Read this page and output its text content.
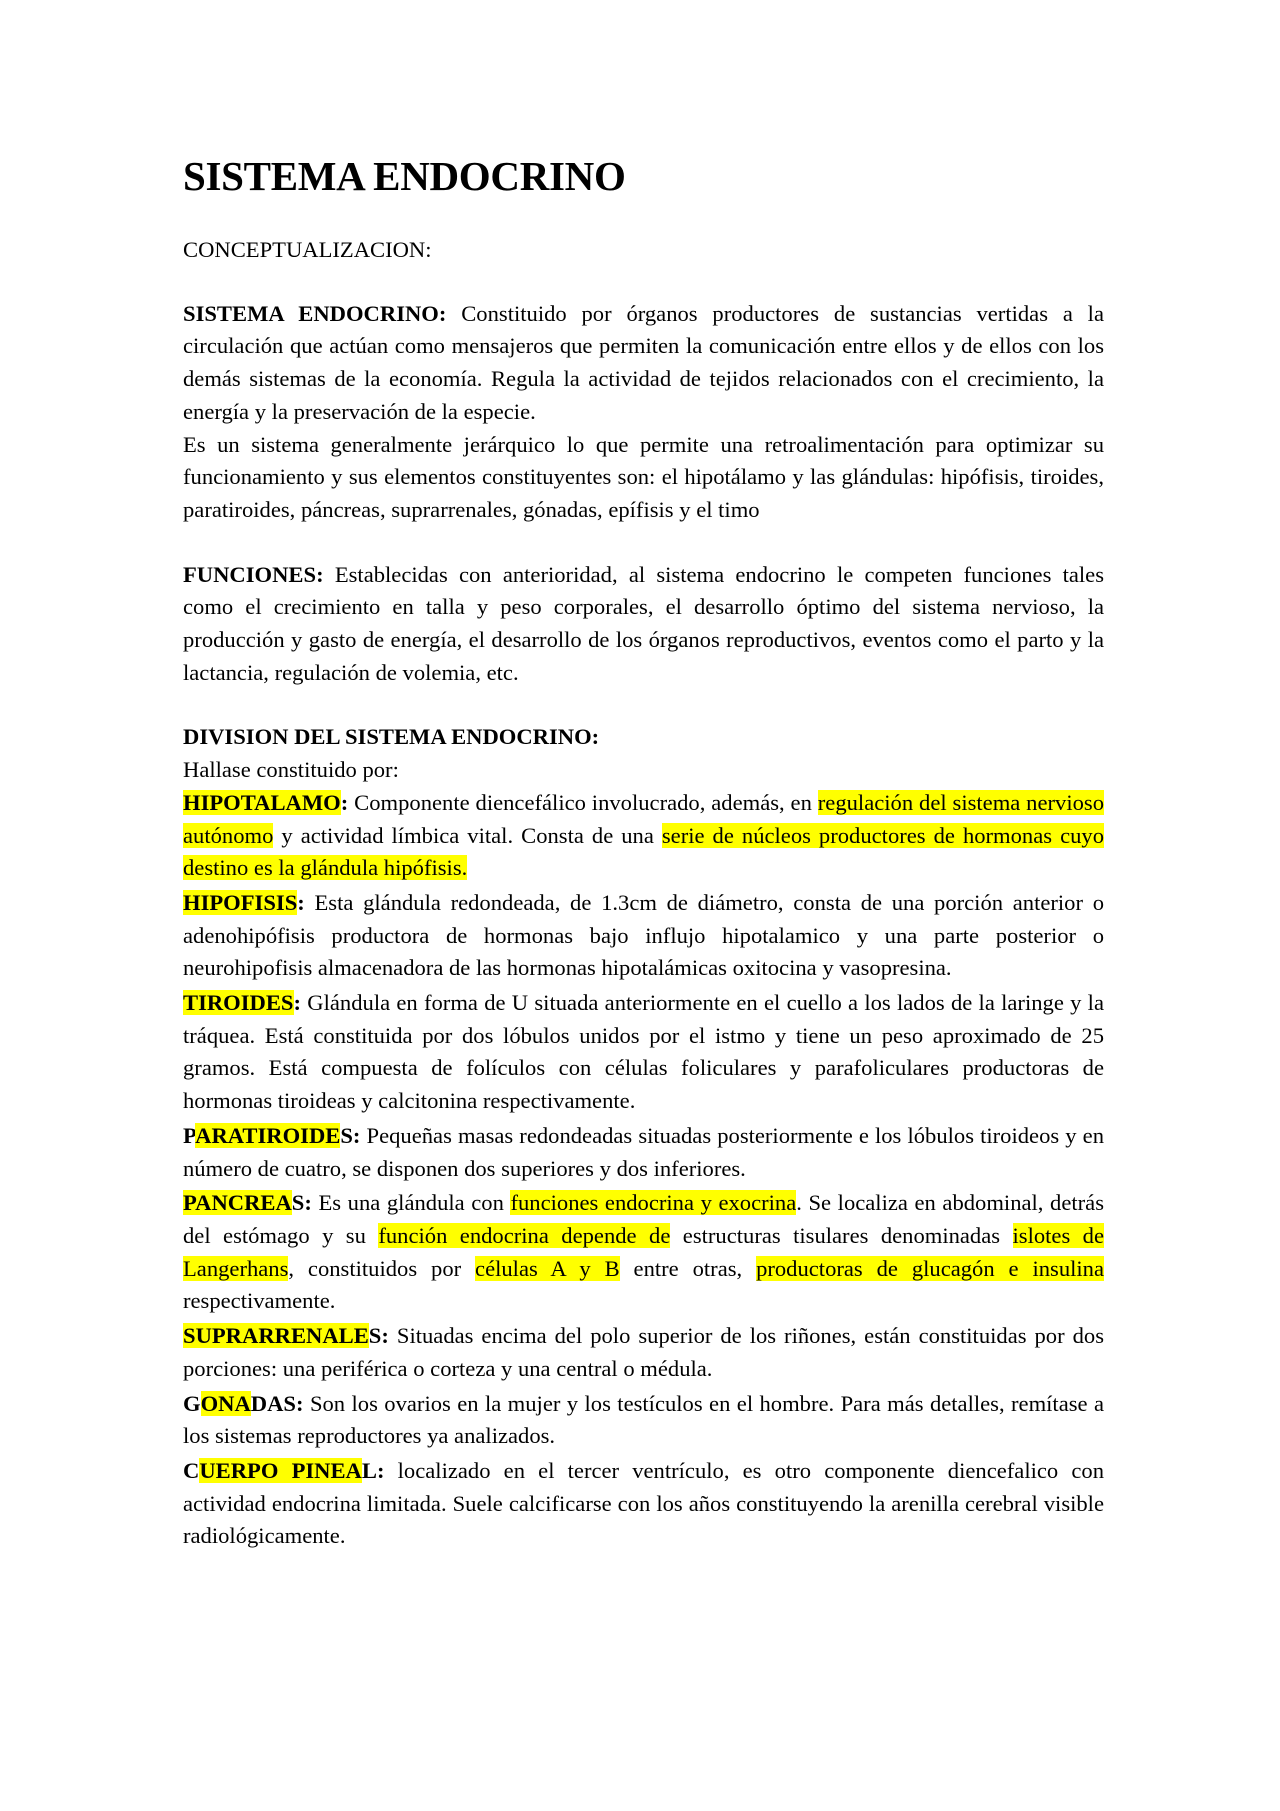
SISTEMA ENDOCRINO

CONCEPTUALIZACION:

SISTEMA ENDOCRINO: Constituido por órganos productores de sustancias vertidas a la circulación que actúan como mensajeros que permiten la comunicación entre ellos y de ellos con los demás sistemas de la economía. Regula la actividad de tejidos relacionados con el crecimiento, la energía y la preservación de la especie.

Es un sistema generalmente jerárquico lo que permite una retroalimentación para optimizar su funcionamiento y sus elementos constituyentes son: el hipotálamo y las glándulas: hipófisis, tiroides, paratiroides, páncreas, suprarrenales, gónadas, epífisis y el timo

FUNCIONES: Establecidas con anterioridad, al sistema endocrino le competen funciones tales como el crecimiento en talla y peso corporales, el desarrollo óptimo del sistema nervioso, la producción y gasto de energía, el desarrollo de los órganos reproductivos, eventos como el parto y la lactancia, regulación de volemia, etc.

DIVISION DEL SISTEMA ENDOCRINO:

Hallase constituido por:

HIPOTALAMO: Componente diencefálico involucrado, además, en regulación del sistema nervioso autónomo y actividad límbica vital. Consta de una serie de núcleos productores de hormonas cuyo destino es la glándula hipófisis.

HIPOFISIS: Esta glándula redondeada, de 1.3cm de diámetro, consta de una porción anterior o adenohipófisis productora de hormonas bajo influjo hipotalamico y una parte posterior o neurohipofisis almacenadora de las hormonas hipotalámicas oxitocina y vasopresina.

TIROIDES: Glándula en forma de U situada anteriormente en el cuello a los lados de la laringe y la tráquea. Está constituida por dos lóbulos unidos por el istmo y tiene un peso aproximado de 25 gramos. Está compuesta de folículos con células foliculares y parafoliculares productoras de hormonas tiroideas y calcitonina respectivamente.

PARATIROIDES: Pequeñas masas redondeadas situadas posteriormente e los lóbulos tiroideos y en número de cuatro, se disponen dos superiores y dos inferiores.

PANCREAS: Es una glándula con funciones endocrina y exocrina. Se localiza en abdominal, detrás del estómago y su función endocrina depende de estructuras tisulares denominadas islotes de Langerhans, constituidos por células A y B entre otras, productoras de glucagón e insulina respectivamente.

SUPRARRENALES: Situadas encima del polo superior de los riñones, están constituidas por dos porciones: una periférica o corteza y una central o médula.

GONADAS: Son los ovarios en la mujer y los testículos en el hombre. Para más detalles, remítase a los sistemas reproductores ya analizados.

CUERPO PINEAL: localizado en el tercer ventrículo, es otro componente diencefalico con actividad endocrina limitada. Suele calcificarse con los años constituyendo la arenilla cerebral visible radiológicamente.
